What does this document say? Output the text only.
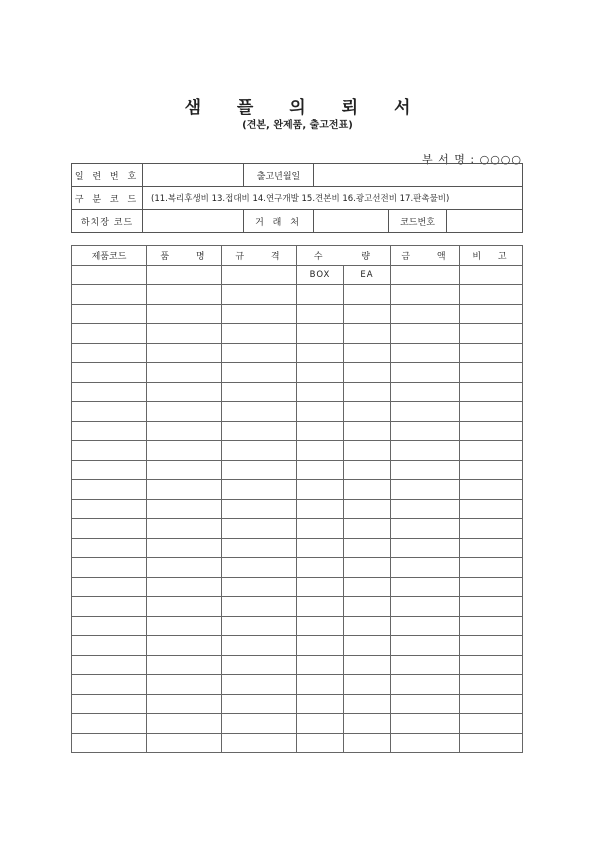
샘 플 의 뢰 서
(견본, 완제품, 출고전표)
부 서 명 : ○○○○
일 련 번 호		출고년월일			
구 분 코 드	(11.복리후생비 13.접대비 14.연구개발 15.견본비 16.광고선전비 17.판촉물비)				
하치장 코드		거 래 처		코드번호	
제품코드	품 명	규 격	수 량		금 액	비 고
			BOX	EA		
